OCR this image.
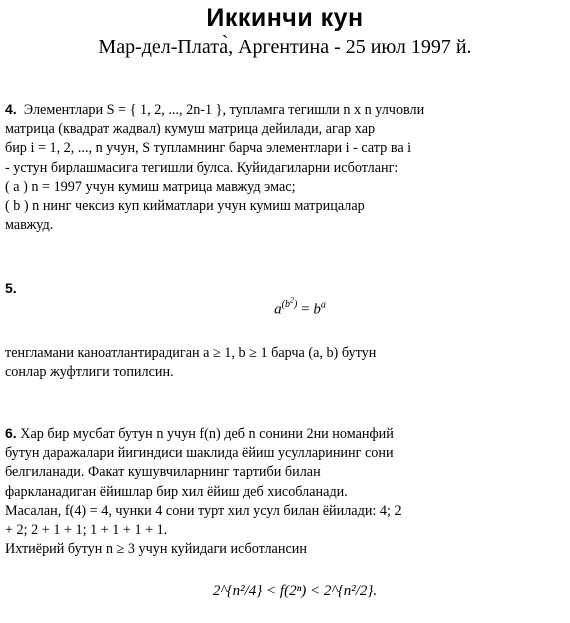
Иккинчи кун
Мар-дел-Плата̀, Аргентина - 25 июл 1997 й.
4. Элементлари S = { 1, 2, ..., 2n-1 }, тупламга тегишли n x n улчовли
матрица (квадрат жадвал) кумуш матрица дейилади, агар хар
бир i = 1, 2, ..., n учун, S тупламнинг барча элементлари i - сатр ва i
- устун бирлашмасига тегишли булса. Куйидагиларни исботланг:
( a ) n = 1997 учун кумиш матрица мавжуд эмас;
( b ) n нинг чексиз куп кийматлари учун кумиш матрицалар
мавжуд.
5.
$a^{(b^2)} = b^a$
тенгламани каноатлантирадиган a ≥ 1, b ≥ 1 барча (a, b) бутун
сонлар жуфтлиги топилсин.
6. Хар бир мусбат бутун n учун f(n) деб n сонини 2ни номанфий
бутун даражалари йигиндиси шаклида ёйиш усулларининг сони
белгиланади. Факат кушувчиларнинг тартиби билан
фаркланадиган ёйишлар бир хил ёйиш деб хисобланади.
Масалан, f(4) = 4, чунки 4 сони турт хил усул билан ёйилади: 4; 2
+ 2; 2 + 1 + 1; 1 + 1 + 1 + 1.
Ихтиёрий бутун n ≥ 3 учун куйидаги исботлансин
2^{n²/4} < f(2ⁿ) < 2^{n²/2}.
